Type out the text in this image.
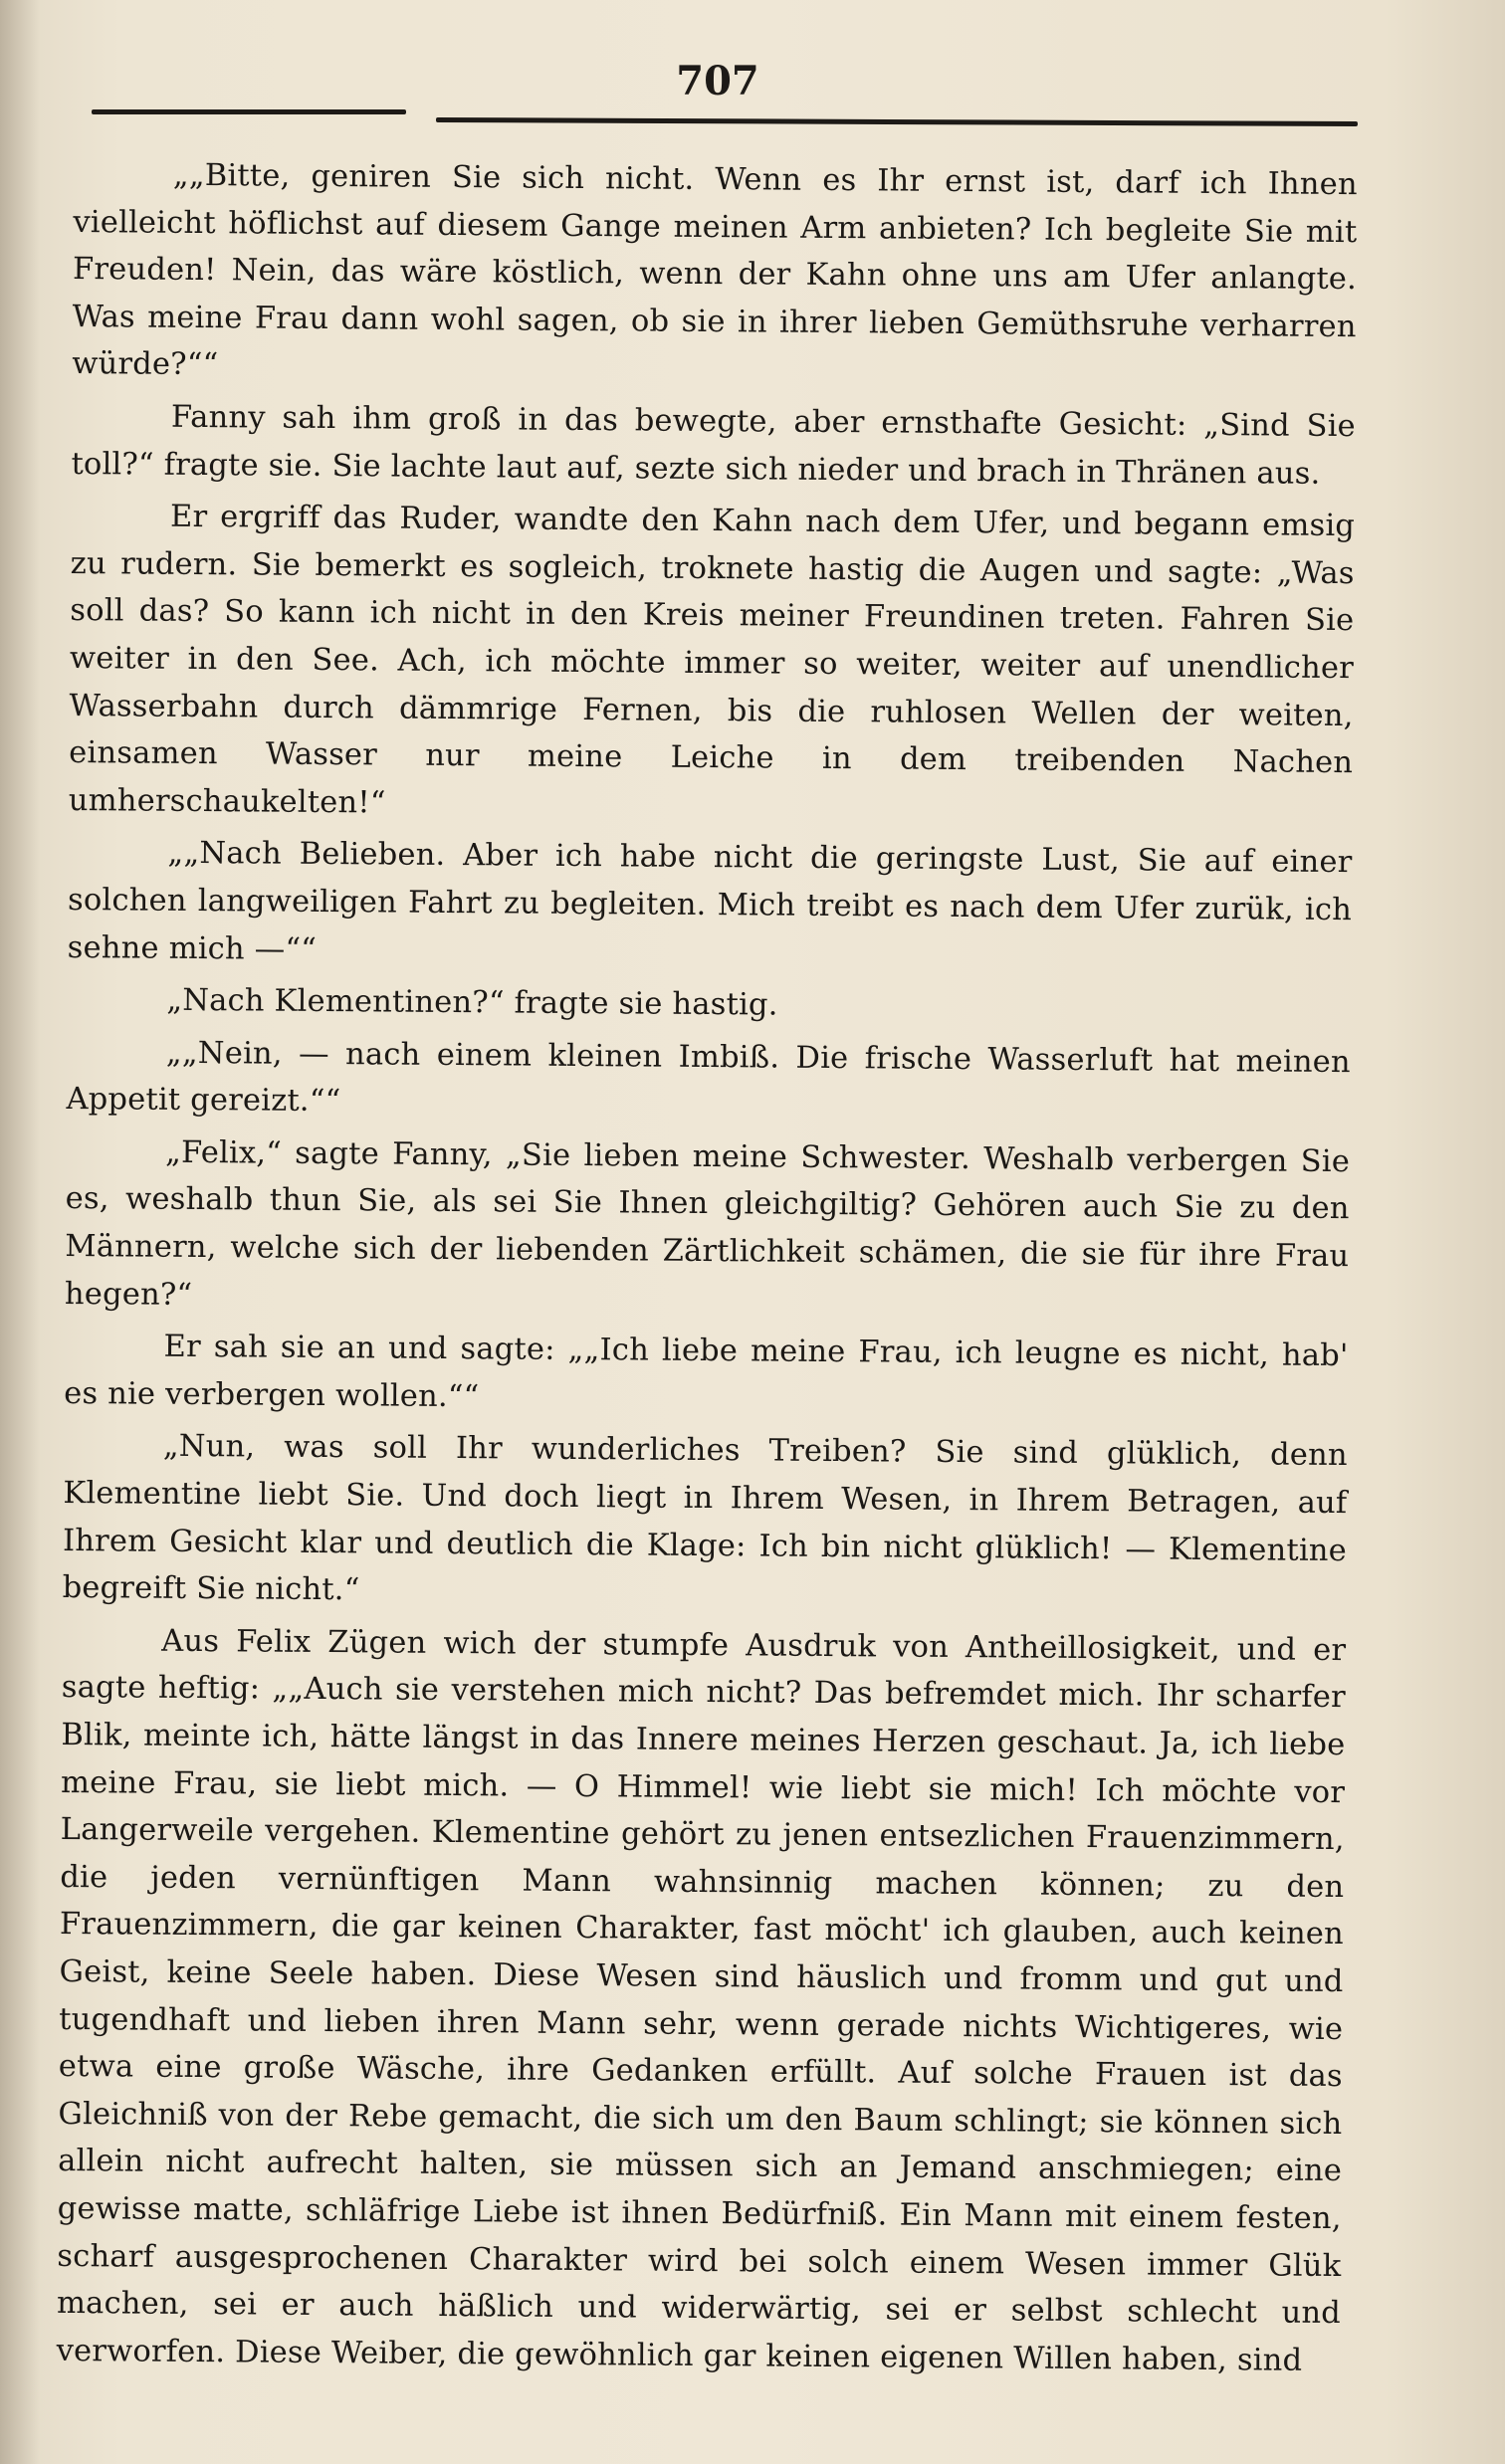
707

„„Bitte, geniren Sie sich nicht. Wenn es Ihr ernst ist, darf ich Ihnen vielleicht höflichst auf diesem Gange meinen Arm anbieten? Ich begleite Sie mit Freuden! Nein, das wäre köstlich, wenn der Kahn ohne uns am Ufer anlangte. Was meine Frau dann wohl sagen, ob sie in ihrer lieben Gemüthsruhe verharren würde?““

Fanny sah ihm groß in das bewegte, aber ernsthafte Gesicht: „Sind Sie toll?“ fragte sie. Sie lachte laut auf, sezte sich nieder und brach in Thränen aus.

Er ergriff das Ruder, wandte den Kahn nach dem Ufer, und begann emsig zu rudern. Sie bemerkt es sogleich, troknete hastig die Augen und sagte: „Was soll das? So kann ich nicht in den Kreis meiner Freundinen treten. Fahren Sie weiter in den See. Ach, ich möchte immer so weiter, weiter auf unendlicher Wasserbahn durch dämmrige Fernen, bis die ruhlosen Wellen der weiten, einsamen Wasser nur meine Leiche in dem treibenden Nachen umherschaukelten!“

„„Nach Belieben. Aber ich habe nicht die geringste Lust, Sie auf einer solchen langweiligen Fahrt zu begleiten. Mich treibt es nach dem Ufer zurük, ich sehne mich —““

„Nach Klementinen?“ fragte sie hastig.

„„Nein, — nach einem kleinen Imbiß. Die frische Wasserluft hat meinen Appetit gereizt.““

„Felix,“ sagte Fanny, „Sie lieben meine Schwester. Weshalb verbergen Sie es, weshalb thun Sie, als sei Sie Ihnen gleichgiltig? Gehören auch Sie zu den Männern, welche sich der liebenden Zärtlichkeit schämen, die sie für ihre Frau hegen?“

Er sah sie an und sagte: „„Ich liebe meine Frau, ich leugne es nicht, hab' es nie verbergen wollen.““

„Nun, was soll Ihr wunderliches Treiben? Sie sind glüklich, denn Klementine liebt Sie. Und doch liegt in Ihrem Wesen, in Ihrem Betragen, auf Ihrem Gesicht klar und deutlich die Klage: Ich bin nicht glüklich! — Klementine begreift Sie nicht.“

Aus Felix Zügen wich der stumpfe Ausdruk von Antheillosigkeit, und er sagte heftig: „„Auch sie verstehen mich nicht? Das befremdet mich. Ihr scharfer Blik, meinte ich, hätte längst in das Innere meines Herzen geschaut. Ja, ich liebe meine Frau, sie liebt mich. — O Himmel! wie liebt sie mich! Ich möchte vor Langerweile vergehen. Klementine gehört zu jenen entsezlichen Frauenzimmern, die jeden vernünftigen Mann wahnsinnig machen können; zu den Frauenzimmern, die gar keinen Charakter, fast möcht' ich glauben, auch keinen Geist, keine Seele haben. Diese Wesen sind häuslich und fromm und gut und tugendhaft und lieben ihren Mann sehr, wenn gerade nichts Wichtigeres, wie etwa eine große Wäsche, ihre Gedanken erfüllt. Auf solche Frauen ist das Gleichniß von der Rebe gemacht, die sich um den Baum schlingt; sie können sich allein nicht aufrecht halten, sie müssen sich an Jemand anschmiegen; eine gewisse matte, schläfrige Liebe ist ihnen Bedürfniß. Ein Mann mit einem festen, scharf ausgesprochenen Charakter wird bei solch einem Wesen immer Glük machen, sei er auch häßlich und widerwärtig, sei er selbst schlecht und verworfen. Diese Weiber, die gewöhnlich gar keinen eigenen Willen haben, sind
